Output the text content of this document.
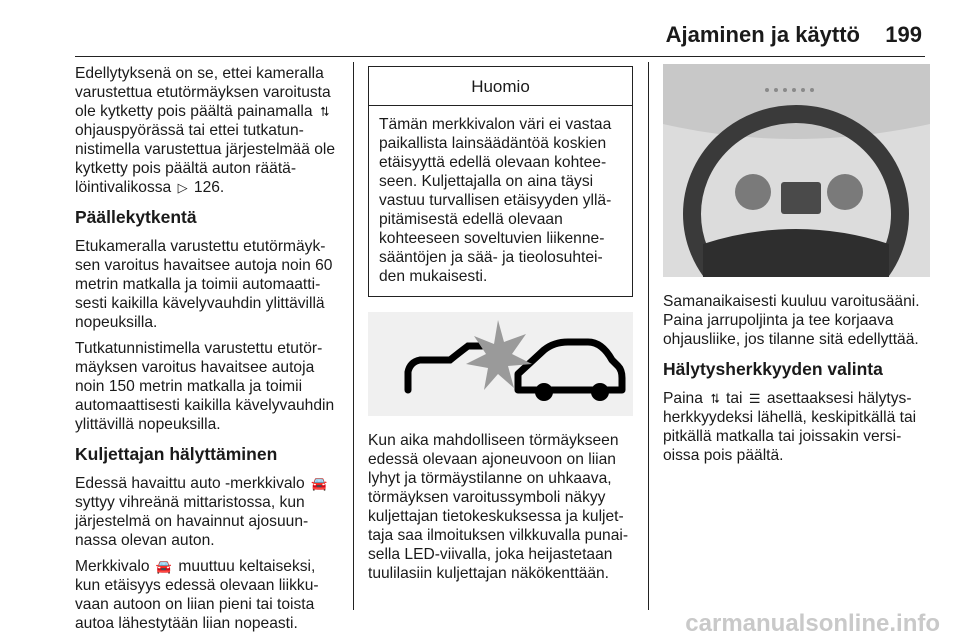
Ajaminen ja käyttö 199

Edellytyksenä on se, ettei kameralla varustettua etutörmäyksen varoitusta ole kytketty pois päältä painamalla ⮁ ohjauspyörässä tai ettei tutkatunnistimella varustettua järjestelmää ole kytketty pois päältä auton räätälöintivalikossa ▷ 126.

Päällekytkentä

Etukameralla varustettu etutörmäyksen varoitus havaitsee autoja noin 60 metrin matkalla ja toimii automaattisesti kaikilla kävelyvauhdin ylittävillä nopeuksilla.

Tutkatunnistimella varustettu etutörmäyksen varoitus havaitsee autoja noin 150 metrin matkalla ja toimii automaattisesti kaikilla kävelyvauhdin ylittävillä nopeuksilla.

Kuljettajan hälyttäminen

Edessä havaittu auto -merkkivalo 🚘 syttyy vihreänä mittaristossa, kun järjestelmä on havainnut ajosuunnassa olevan auton.

Merkkivalo 🚘 muuttuu keltaiseksi, kun etäisyys edessä olevaan liikkuvaan autoon on liian pieni tai toista autoa lähestytään liian nopeasti.

Huomio
Tämän merkkivalon väri ei vastaa paikallista lainsäädäntöä koskien etäisyyttä edellä olevaan kohteeseen. Kuljettajalla on aina täysi vastuu turvallisen etäisyyden ylläpitämisestä edellä olevaan kohteeseen soveltuvien liikennesääntöjen ja sää- ja tieolosuhteiden mukaisesti.

Kun aika mahdolliseen törmäykseen edessä olevaan ajoneuvoon on liian lyhyt ja törmäystilanne on uhkaava, törmäyksen varoitussymboli näkyy kuljettajan tietokeskuksessa ja kuljettaja saa ilmoituksen vilkkuvalla punaisella LED-viivalla, joka heijastetaan tuulilasiin kuljettajan näkökenttään.

Samanaikaisesti kuuluu varoitusääni. Paina jarrupoljinta ja tee korjaava ohjausliike, jos tilanne sitä edellyttää.

Hälytysherkkyyden valinta

Paina ⮁ tai ☰ asettaaksesi hälytysherkkyydeksi lähellä, keskipitkällä tai pitkällä matkalla tai joissakin versioissa pois päältä.

carmanualsonline.info
